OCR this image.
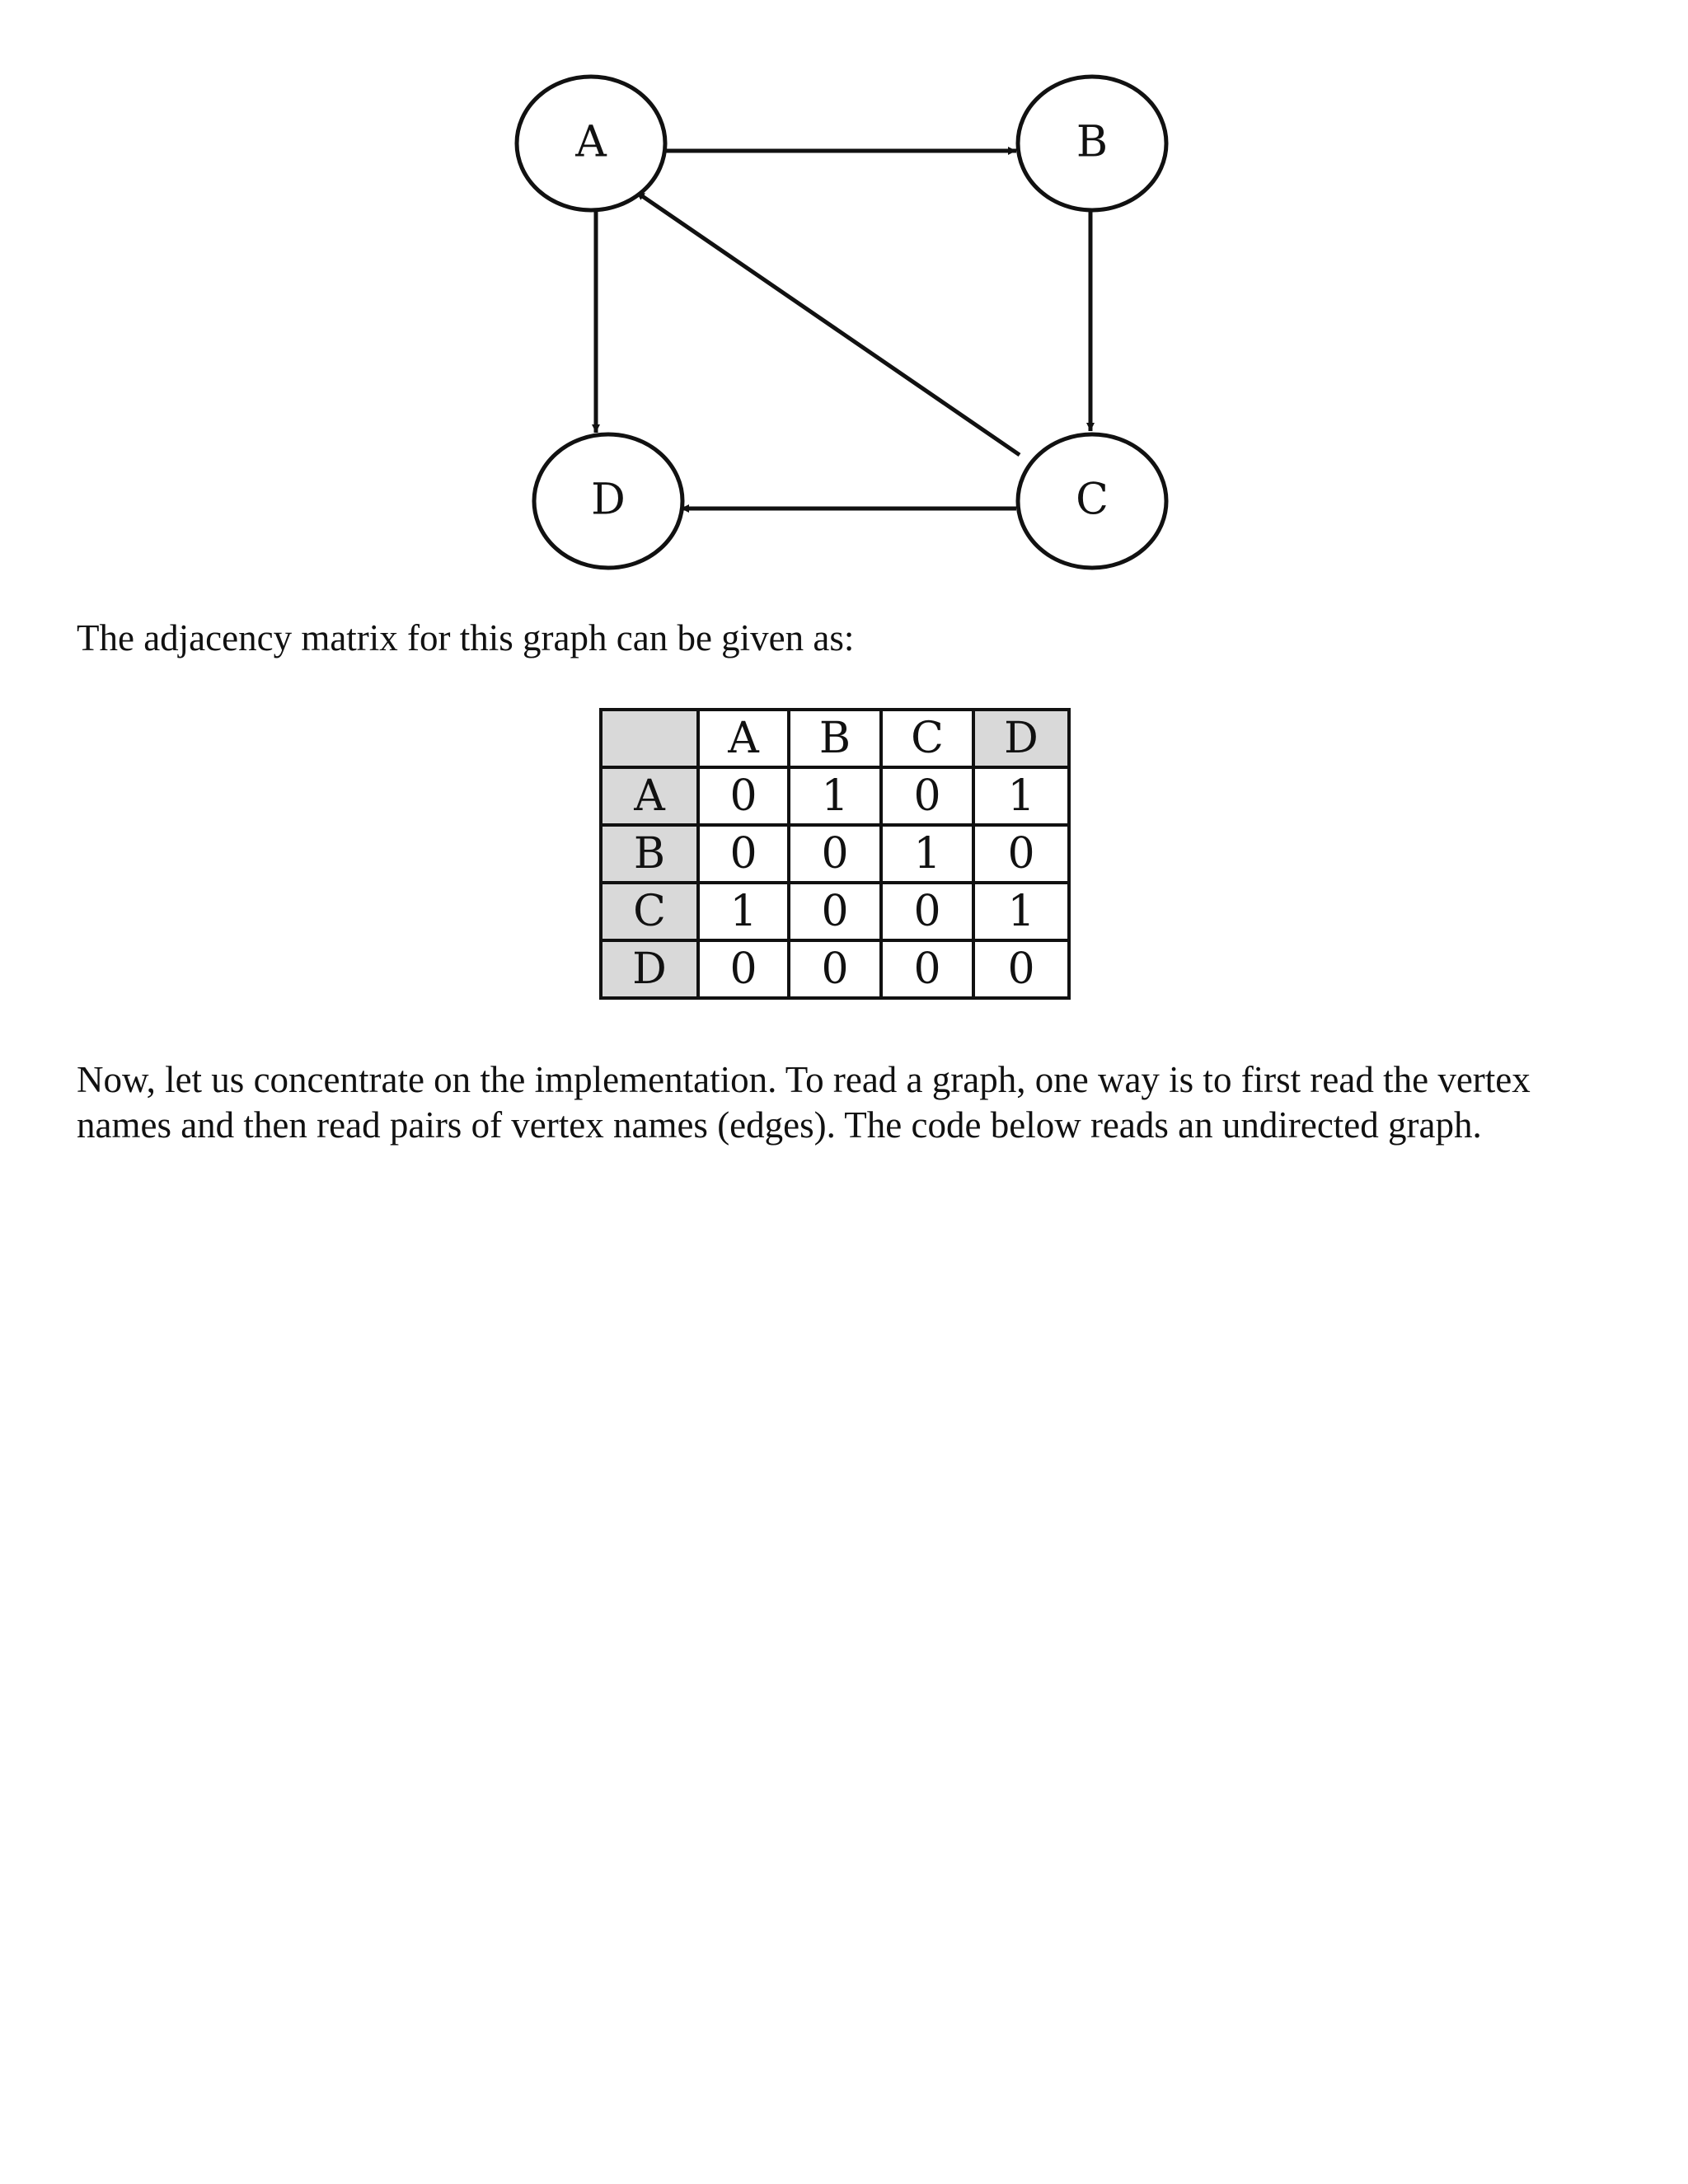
A	B
C
D

The adjacency matrix for this graph can be given as:

	A	B	C	D
A	0	1	0	1
B	0	0	1	0
C	1	0	0	1
D	0	0	0	0

Now, let us concentrate on the implementation. To read a graph, one way is to first read the vertex
names and then read pairs of vertex names (edges). The code below reads an undirected graph.
